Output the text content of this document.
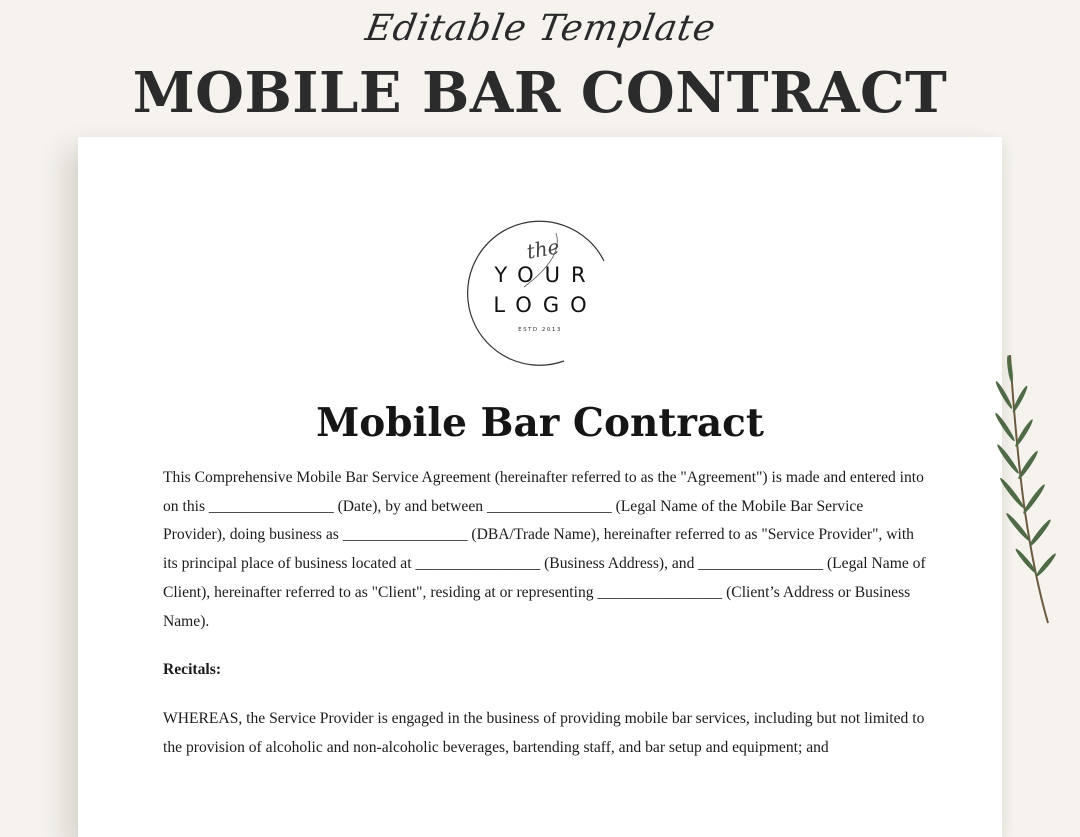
Editable Template
MOBILE BAR CONTRACT
the
YOUR
LOGO
ESTD 2013
Mobile Bar Contract

This Comprehensive Mobile Bar Service Agreement (hereinafter referred to as the "Agreement") is made and entered into on this ________________ (Date), by and between ________________ (Legal Name of the Mobile Bar Service Provider), doing business as ________________ (DBA/Trade Name), hereinafter referred to as "Service Provider", with its principal place of business located at ________________ (Business Address), and ________________ (Legal Name of Client), hereinafter referred to as "Client", residing at or representing ________________ (Client’s Address or Business Name).

Recitals:

WHEREAS, the Service Provider is engaged in the business of providing mobile bar services, including but not limited to the provision of alcoholic and non-alcoholic beverages, bartending staff, and bar setup and equipment; and
